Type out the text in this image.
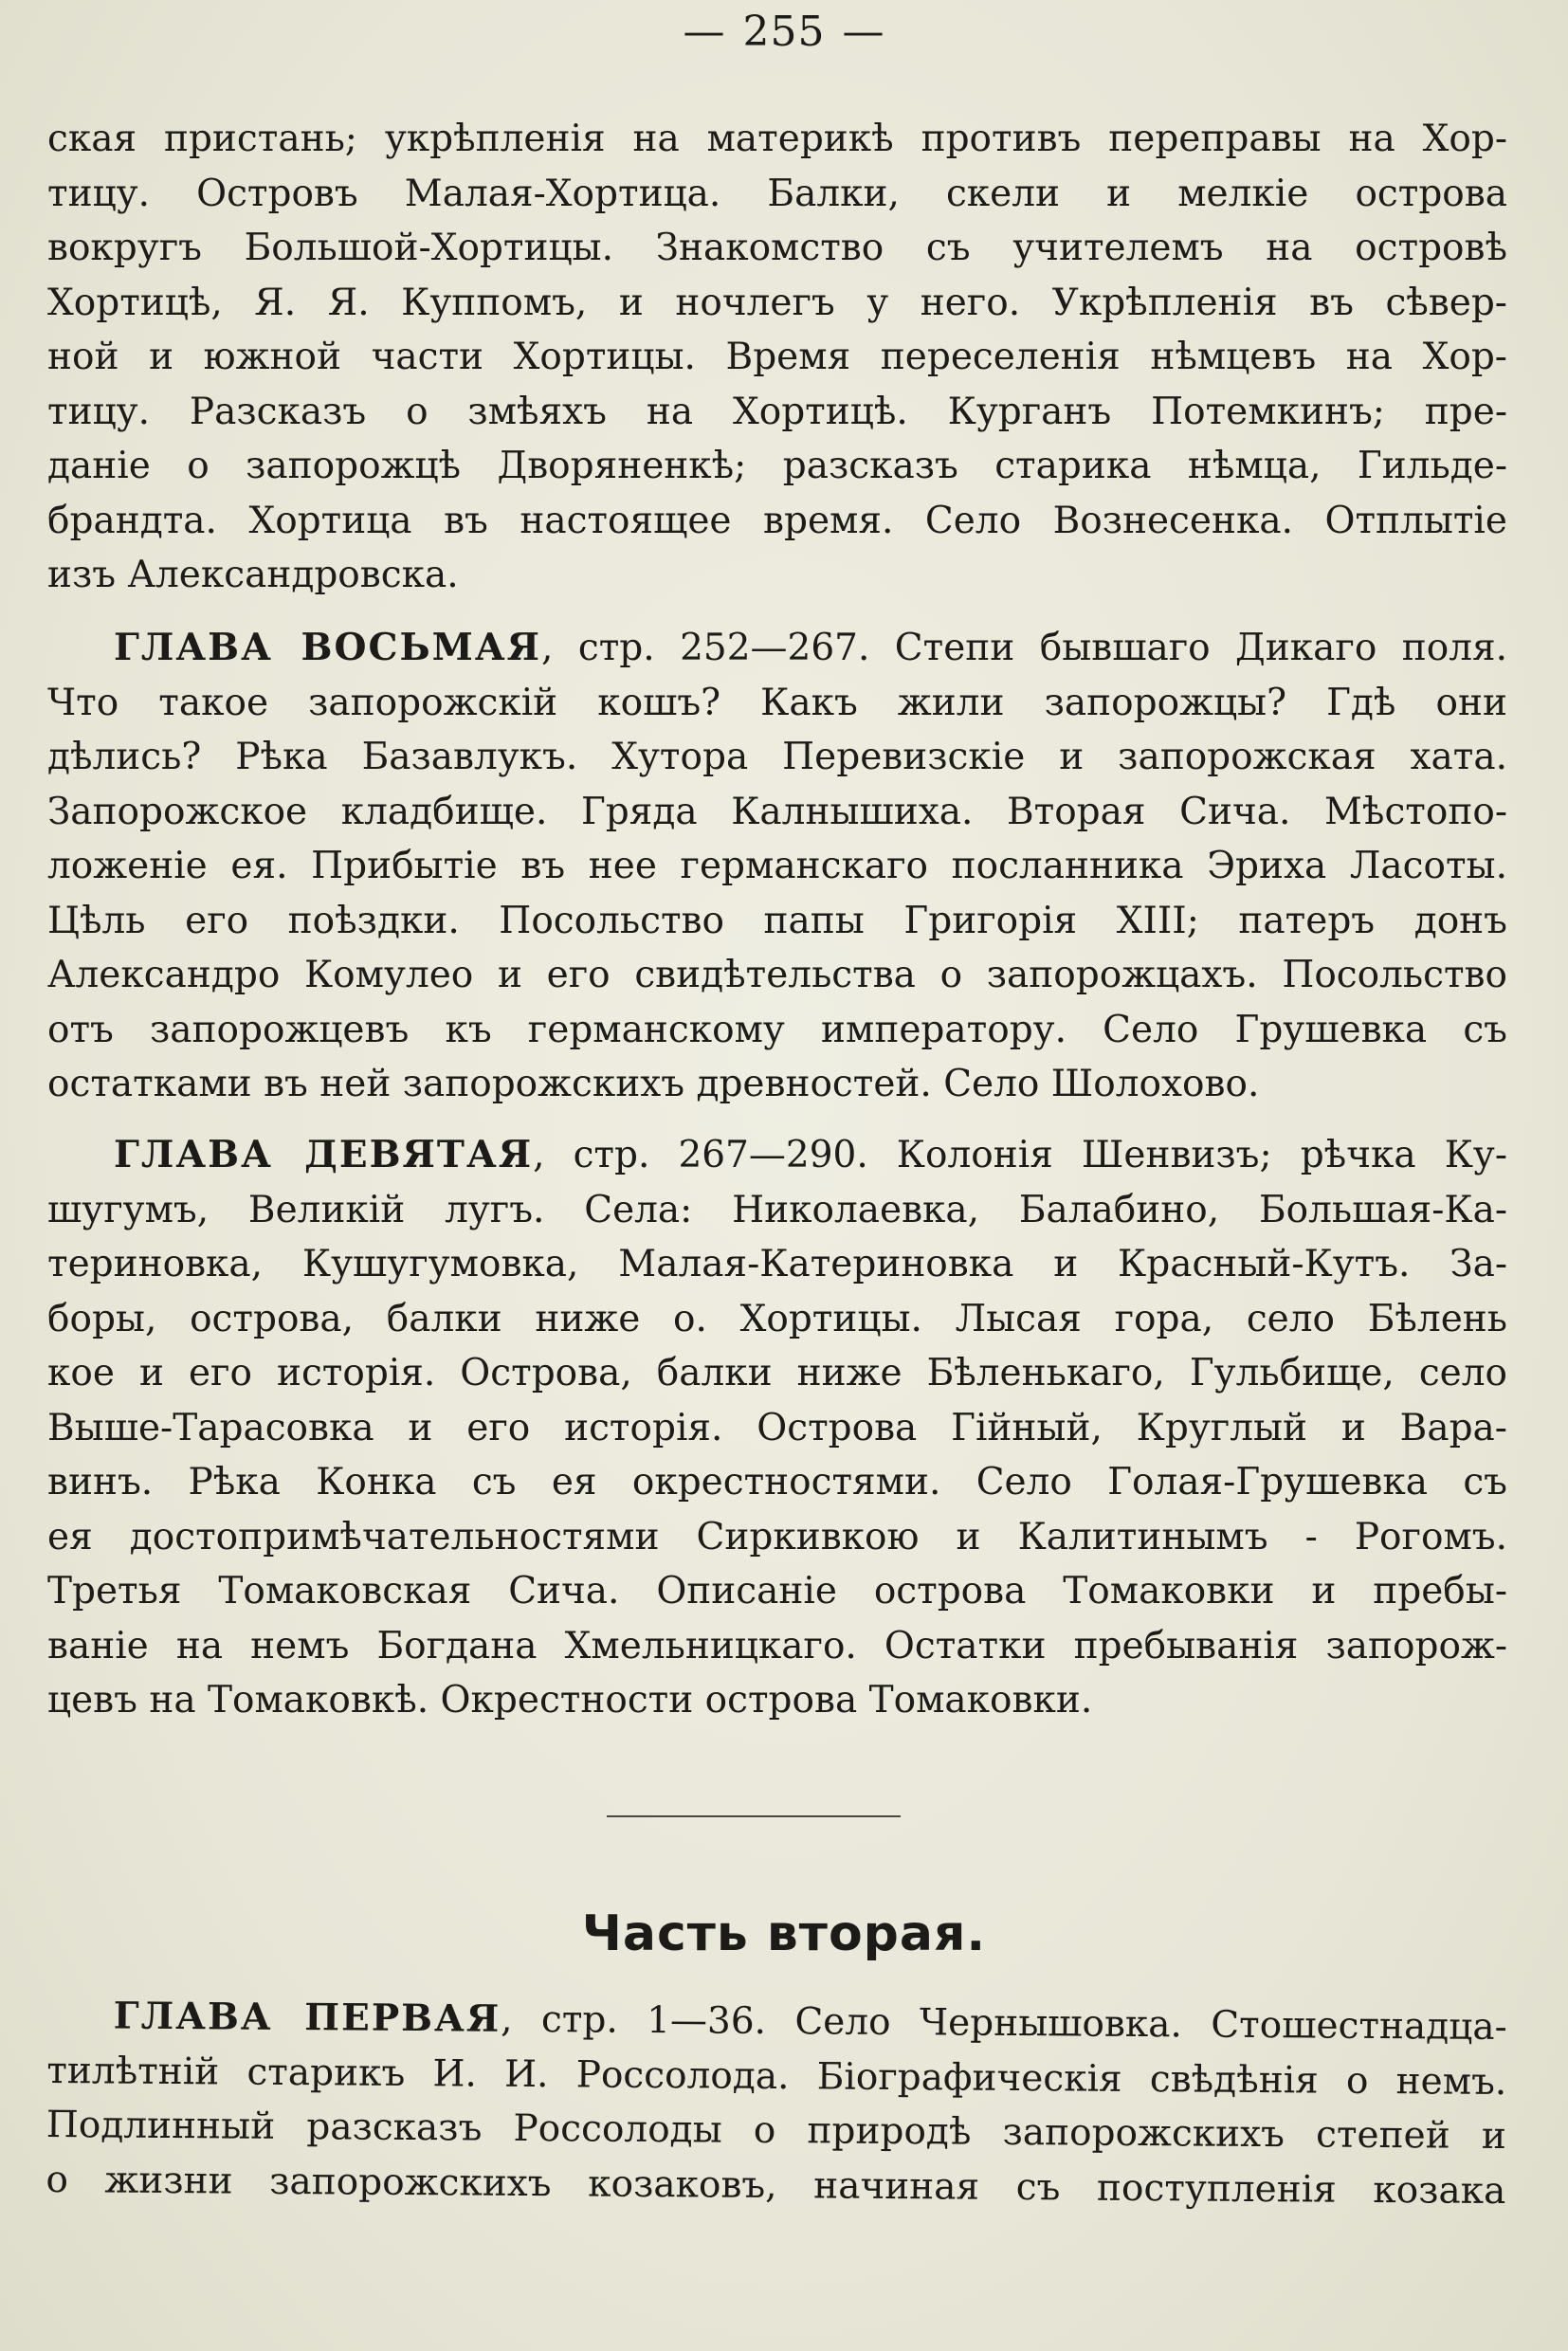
— 255 —
ская пристань; укрѣпленія на материкѣ противъ переправы на Хор-
тицу. Островъ Малая-Хортица. Балки, скели и мелкіе острова
вокругъ Большой-Хортицы. Знакомство съ учителемъ на островѣ
Хортицѣ, Я. Я. Куппомъ, и ночлегъ у него. Укрѣпленія въ сѣвер-
ной и южной части Хортицы. Время переселенія нѣмцевъ на Хор-
тицу. Разсказъ о змѣяхъ на Хортицѣ. Курганъ Потемкинъ; пре-
даніе о запорожцѣ Дворяненкѣ; разсказъ старика нѣмца, Гильде-
брандта. Хортица въ настоящее время. Село Вознесенка. Отплытіе
изъ Александровска.
ГЛАВА ВОСЬМАЯ, стр. 252—267. Степи бывшаго Дикаго поля.
Что такое запорожскій кошъ? Какъ жили запорожцы? Гдѣ они
дѣлись? Рѣка Базавлукъ. Хутора Перевизскіе и запорожская хата.
Запорожское кладбище. Гряда Калнышиха. Вторая Сича. Мѣстопо-
ложеніе ея. Прибытіе въ нее германскаго посланника Эриха Ласоты.
Цѣль его поѣздки. Посольство папы Григорія XIII; патеръ донъ
Александро Комулео и его свидѣтельства о запорожцахъ. Посольство
отъ запорожцевъ къ германскому императору. Село Грушевка съ
остатками въ ней запорожскихъ древностей. Село Шолохово.
ГЛАВА ДЕВЯТАЯ, стр. 267—290. Колонія Шенвизъ; рѣчка Ку-
шугумъ, Великій лугъ. Села: Николаевка, Балабино, Большая-Ка-
териновка, Кушугумовка, Малая-Катериновка и Красный-Кутъ. За-
боры, острова, балки ниже о. Хортицы. Лысая гора, село Бѣлень
кое и его исторія. Острова, балки ниже Бѣленькаго, Гульбище, село
Выше-Тарасовка и его исторія. Острова Гійный, Круглый и Вара-
винъ. Рѣка Конка съ ея окрестностями. Село Голая-Грушевка съ
ея достопримѣчательностями Сиркивкою и Калитинымъ - Рогомъ.
Третья Томаковская Сича. Описаніе острова Томаковки и пребы-
ваніе на немъ Богдана Хмельницкаго. Остатки пребыванія запорож-
цевъ на Томаковкѣ. Окрестности острова Томаковки.
Часть вторая.
ГЛАВА ПЕРВАЯ, стр. 1—36. Село Чернышовка. Стошестнадца-
тилѣтній старикъ И. И. Россолода. Біографическія свѣдѣнія о немъ.
Подлинный разсказъ Россолоды о природѣ запорожскихъ степей и
о жизни запорожскихъ козаковъ, начиная съ поступленія козака
